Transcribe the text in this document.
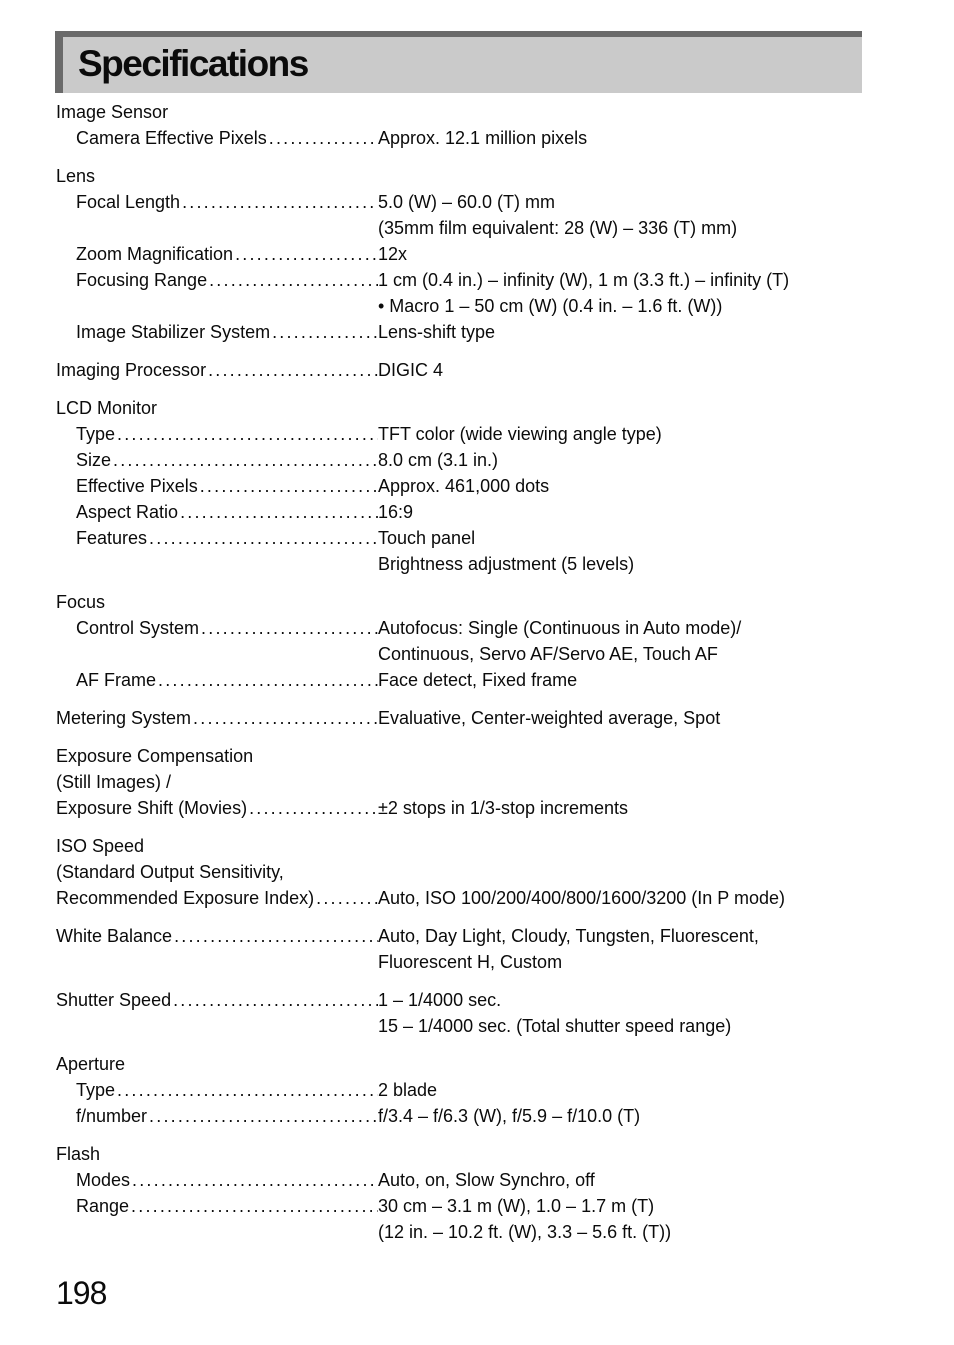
Specifications
Image Sensor
Camera Effective Pixels .....	Approx. 12.1 million pixels
Lens
Focal Length .....	5.0 (W) – 60.0 (T) mm
(35mm film equivalent: 28 (W) – 336 (T) mm)
Zoom Magnification .....	12x
Focusing Range .....	1 cm (0.4 in.) – infinity (W), 1 m (3.3 ft.) – infinity (T)
• Macro 1 – 50 cm (W) (0.4 in. – 1.6 ft. (W))
Image Stabilizer System .....	Lens-shift type
Imaging Processor .....	DIGIC 4
LCD Monitor
Type .....	TFT color (wide viewing angle type)
Size .....	8.0 cm (3.1 in.)
Effective Pixels .....	Approx. 461,000 dots
Aspect Ratio .....	16:9
Features .....	Touch panel
Brightness adjustment (5 levels)
Focus
Control System .....	Autofocus: Single (Continuous in Auto mode)/
Continuous, Servo AF/Servo AE, Touch AF
AF Frame .....	Face detect, Fixed frame
Metering System .....	Evaluative, Center-weighted average, Spot
Exposure Compensation
(Still Images) /
Exposure Shift (Movies) .....	±2 stops in 1/3-stop increments
ISO Speed
(Standard Output Sensitivity,
Recommended Exposure Index) .....	Auto, ISO 100/200/400/800/1600/3200 (In P mode)
White Balance .....	Auto, Day Light, Cloudy, Tungsten, Fluorescent,
Fluorescent H, Custom
Shutter Speed .....	1 – 1/4000 sec.
15 – 1/4000 sec. (Total shutter speed range)
Aperture
Type .....	2 blade
f/number .....	f/3.4 – f/6.3 (W), f/5.9 – f/10.0 (T)
Flash
Modes .....	Auto, on, Slow Synchro, off
Range .....	30 cm – 3.1 m (W), 1.0 – 1.7 m (T)
(12 in. – 10.2 ft. (W), 3.3 – 5.6 ft. (T))
198
